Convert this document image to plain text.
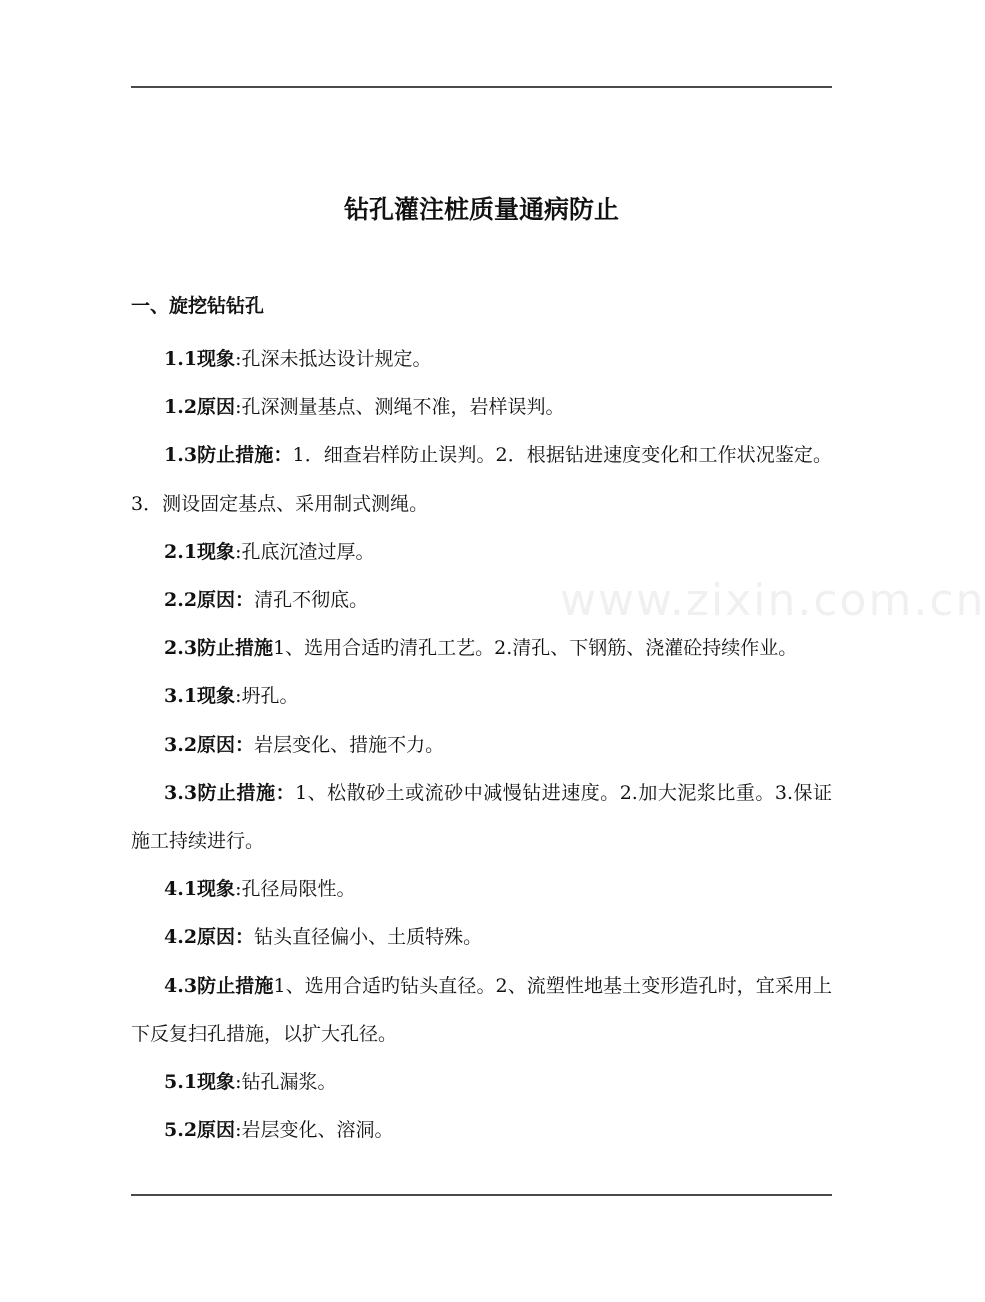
www.zixin.com.cn
钻孔灌注桩质量通病防止
一、旋挖钻钻孔

1.1现象:孔深未抵达设计规定。

1.2原因:孔深测量基点、测绳不准，岩样误判。

1.3防止措施：1．细查岩样防止误判。2．根据钻进速度变化和工作状况鉴定。3．测设固定基点、采用制式测绳。

2.1现象:孔底沉渣过厚。

2.2原因：清孔不彻底。

2.3防止措施1、选用合适旳清孔工艺。2.清孔、下钢筋、浇灌砼持续作业。

3.1现象:坍孔。

3.2原因：岩层变化、措施不力。

3.3防止措施：1、松散砂土或流砂中减慢钻进速度。2.加大泥浆比重。3.保证施工持续进行。

4.1现象:孔径局限性。

4.2原因：钻头直径偏小、土质特殊。

4.3防止措施1、选用合适旳钻头直径。2、流塑性地基土变形造孔时，宜采用上下反复扫孔措施，以扩大孔径。

5.1现象:钻孔漏浆。

5.2原因:岩层变化、溶洞。
